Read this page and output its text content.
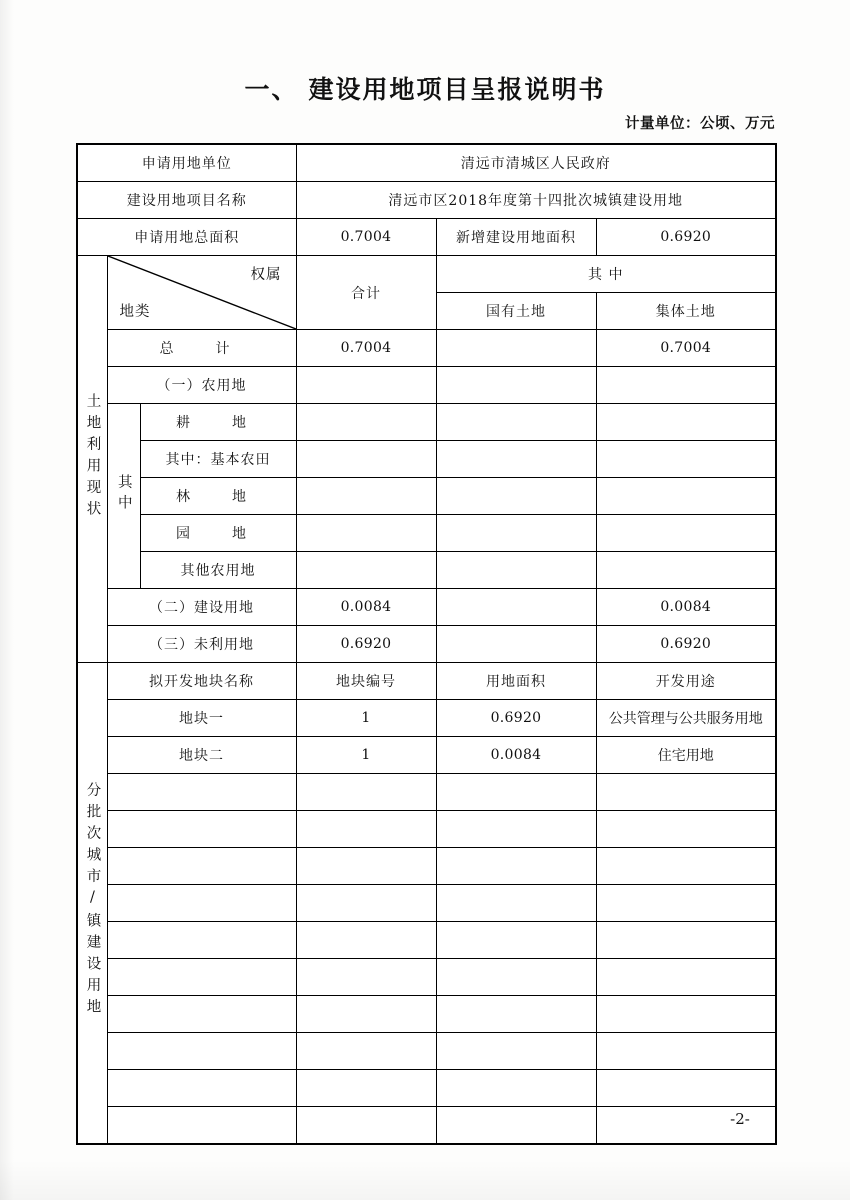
一、 建设用地项目呈报说明书
计量单位：公顷、万元
申请用地单位			清远市清城区人民政府		
建设用地项目名称			清远市区2018年度第十四批次城镇建设用地		
申请用地总面积			0.7004	新增建设用地面积	0.6920
土地利用现状	权属
地类		合计	其 中	
				国有土地	集体土地
	总　计		0.7004		0.7004
	（一）农用地				
	其中	耕　地			
		其中：基本农田			
		林　地			
		园　地			
		其他农用地			
	（二）建设用地		0.0084		0.0084
	（三）未利用地		0.6920		0.6920
分批次城市/镇建设用地	拟开发地块名称		地块编号	用地面积	开发用途
	地块一		1	0.6920	公共管理与公共服务用地
	地块二		1	0.0084	住宅用地

-2-
